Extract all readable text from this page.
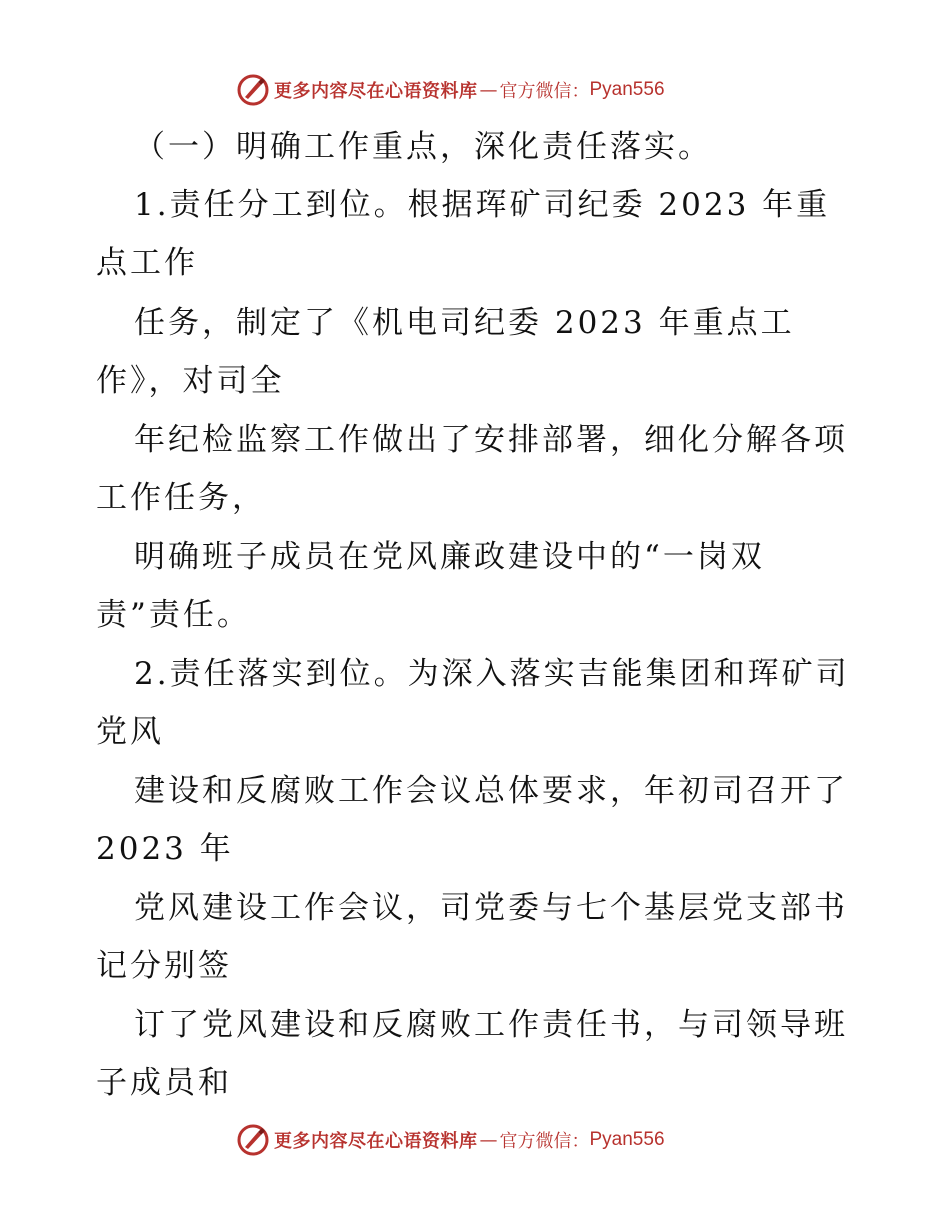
更多内容尽在心语资料库 — 官方微信： Pyan556
（一）明确工作重点，深化责任落实。
1.责任分工到位。根据珲矿司纪委 2023 年重
点工作
任务，制定了《机电司纪委 2023 年重点工
作》，对司全
年纪检监察工作做出了安排部署，细化分解各项
工作任务，
明确班子成员在党风廉政建设中的“一岗双
责”责任。
2.责任落实到位。为深入落实吉能集团和珲矿司
党风
建设和反腐败工作会议总体要求，年初司召开了
2023 年
党风建设工作会议，司党委与七个基层党支部书
记分别签
订了党风建设和反腐败工作责任书，与司领导班
子成员和
更多内容尽在心语资料库 — 官方微信： Pyan556
